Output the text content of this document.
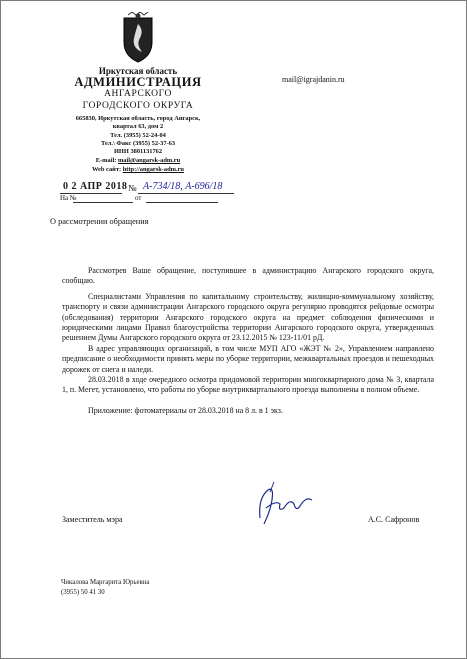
Иркутская область
АДМИНИСТРАЦИЯ
АНГАРСКОГО
ГОРОДСКОГО ОКРУГА
665830, Иркутская область, город Ангарск,
квартал 63, дом 2
Тел. (3955) 52-24-04
Тел.\ Факс (3955) 52-37-63
ИНН 3801131762
E-mail: mail@angarsk-adm.ru
Web сайт: http://angarsk-adm.ru
mail@igrajdanin.ru
0 2 АПР 2018 № А-734/18, А-696/18
На №	от
О рассмотрении обращения

Рассмотрев Ваше обращение, поступившее в администрацию Ангарского городского округа, сообщаю.

Специалистами Управления по капитальному строительству, жилищно-коммунальному хозяйству, транспорту и связи администрации Ангарского городского округа регулярно проводятся рейдовые осмотры (обследования) территории Ангарского городского округа на предмет соблюдения физическими и юридическими лицами Правил благоустройства территории Ангарского городского округа, утвержденных решением Думы Ангарского городского округа от 23.12.2015 № 123-11/01 рД.

В адрес управляющих организаций, в том числе МУП АГО «ЖЭТ № 2», Управлением направлено предписание о необходимости принять меры по уборке территории, межквартальных проездов и пешеходных дорожек от снега и наледи.

28.03.2018 в ходе очередного осмотра придомовой территории многоквартирного дома № 3, квартала 1, п. Мегет, установлено, что работы по уборке внутриквартального проезда выполнены в полном объеме.

Приложение: фотоматериалы от 28.03.2018 на 8 л. в 1 экз.

Заместитель мэра	А.С. Сафронов
Чикалова Маргарита Юрьевна
(3955) 50 41 30
